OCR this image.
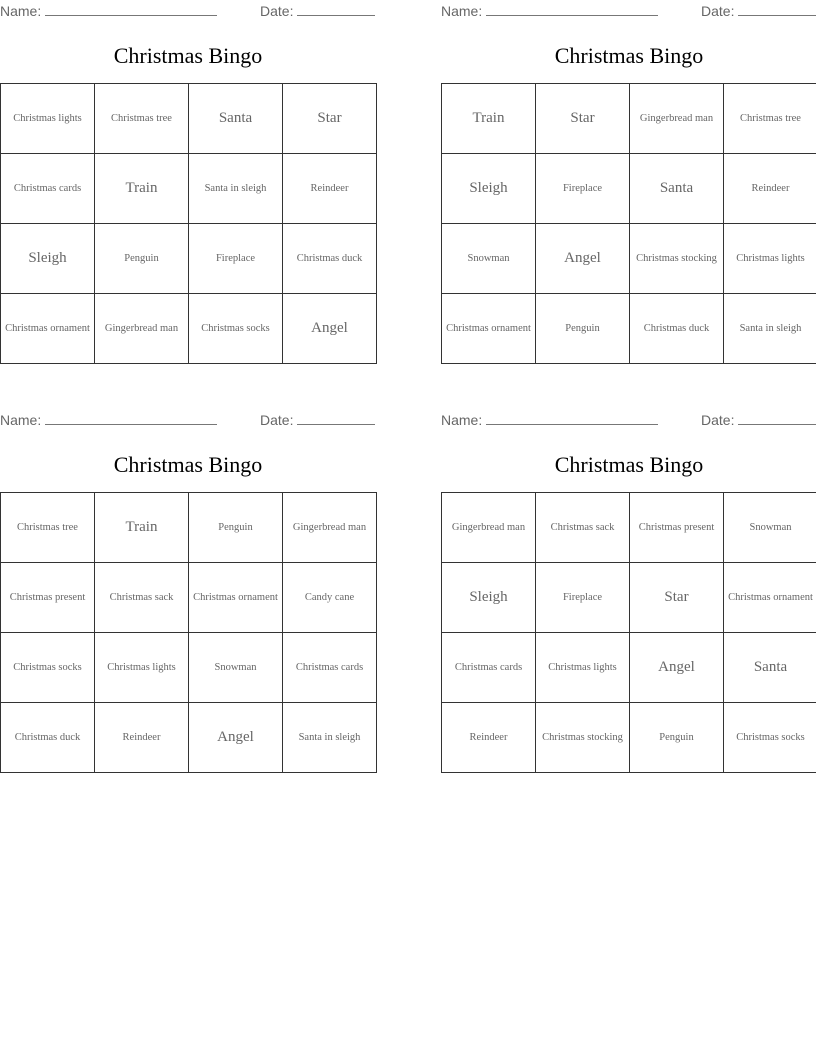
Name:	Date:
Christmas Bingo
Christmas lights	Christmas tree	Santa	Star
Christmas cards	Train	Santa in sleigh	Reindeer
Sleigh	Penguin	Fireplace	Christmas duck
Christmas ornament	Gingerbread man	Christmas socks	Angel
Name:	Date:
Christmas Bingo
Train	Star	Gingerbread man	Christmas tree
Sleigh	Fireplace	Santa	Reindeer
Snowman	Angel	Christmas stocking	Christmas lights
Christmas ornament	Penguin	Christmas duck	Santa in sleigh
Name:	Date:
Christmas Bingo
Christmas tree	Train	Penguin	Gingerbread man
Christmas present	Christmas sack	Christmas ornament	Candy cane
Christmas socks	Christmas lights	Snowman	Christmas cards
Christmas duck	Reindeer	Angel	Santa in sleigh
Name:	Date:
Christmas Bingo
Gingerbread man	Christmas sack	Christmas present	Snowman
Sleigh	Fireplace	Star	Christmas ornament
Christmas cards	Christmas lights	Angel	Santa
Reindeer	Christmas stocking	Penguin	Christmas socks
